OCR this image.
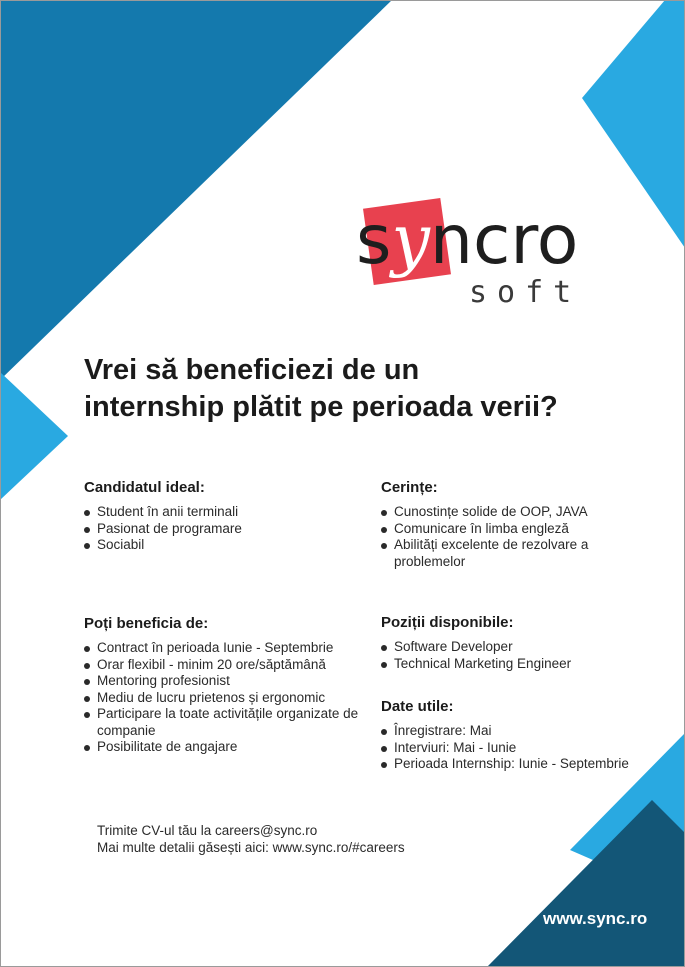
syncro
soft
Vrei să beneficiezi de un
internship plătit pe perioada verii?
Candidatul ideal:
Student în anii terminali
Pasionat de programare
Sociabil
Cerințe:
Cunostințe solide de OOP, JAVA
Comunicare în limba engleză
Abilități excelente de rezolvare a problemelor
Poți beneficia de:
Contract în perioada Iunie - Septembrie
Orar flexibil - minim 20 ore/săptămână
Mentoring profesionist
Mediu de lucru prietenos și ergonomic
Participare la toate activitățile organizate de companie
Posibilitate de angajare
Poziții disponibile:
Software Developer
Technical Marketing Engineer
Date utile:
Înregistrare: Mai
Interviuri: Mai - Iunie
Perioada Internship: Iunie - Septembrie
Trimite CV-ul tău la careers@sync.ro
Mai multe detalii găsești aici: www.sync.ro/#careers
www.sync.ro
